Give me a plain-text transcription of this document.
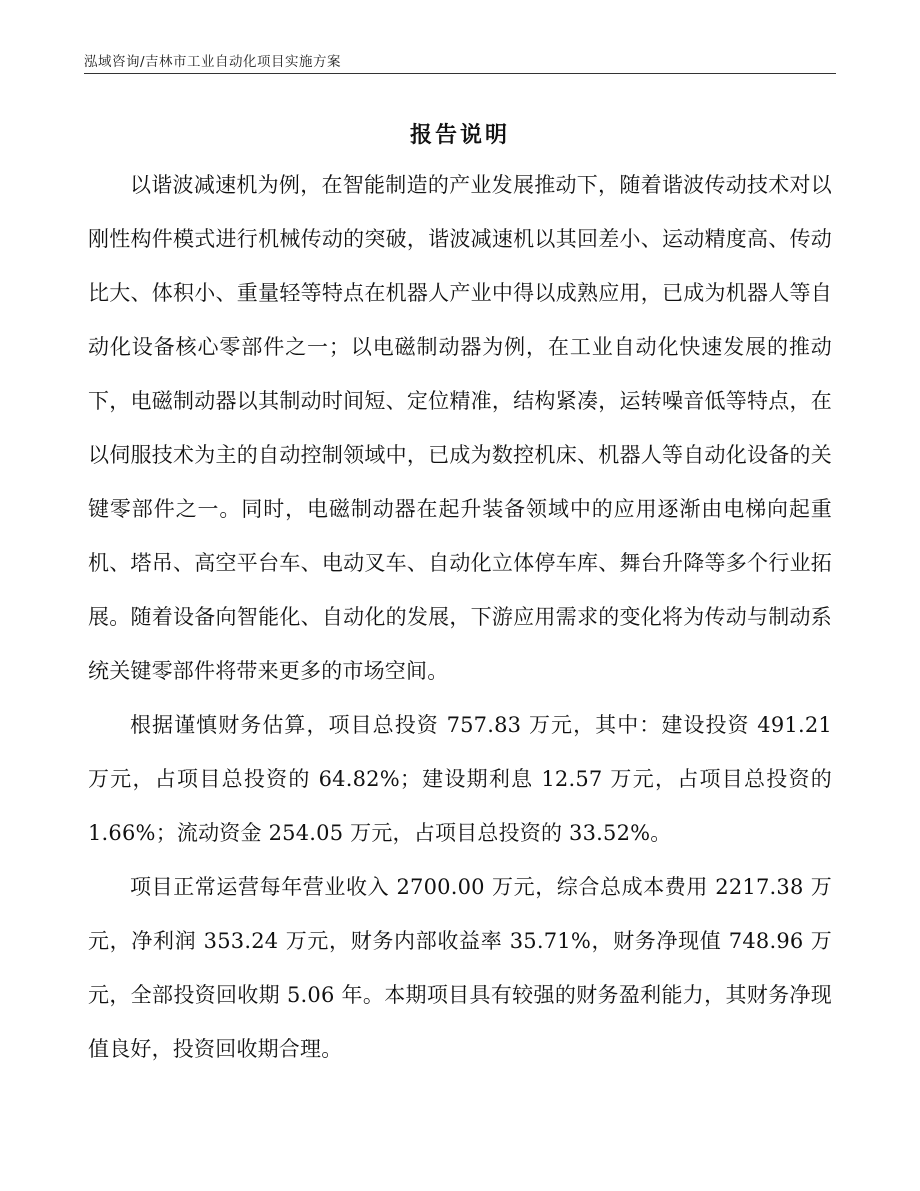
泓域咨询/吉林市工业自动化项目实施方案
报告说明

以谐波减速机为例，在智能制造的产业发展推动下，随着谐波传动技术对以刚性构件模式进行机械传动的突破，谐波减速机以其回差小、运动精度高、传动比大、体积小、重量轻等特点在机器人产业中得以成熟应用，已成为机器人等自动化设备核心零部件之一；以电磁制动器为例，在工业自动化快速发展的推动下，电磁制动器以其制动时间短、定位精准，结构紧凑，运转噪音低等特点，在以伺服技术为主的自动控制领域中，已成为数控机床、机器人等自动化设备的关键零部件之一。同时，电磁制动器在起升装备领域中的应用逐渐由电梯向起重机、塔吊、高空平台车、电动叉车、自动化立体停车库、舞台升降等多个行业拓展。随着设备向智能化、自动化的发展，下游应用需求的变化将为传动与制动系统关键零部件将带来更多的市场空间。

根据谨慎财务估算，项目总投资 757.83 万元，其中：建设投资 491.21 万元，占项目总投资的 64.82%；建设期利息 12.57 万元，占项目总投资的 1.66%；流动资金 254.05 万元，占项目总投资的 33.52%。

项目正常运营每年营业收入 2700.00 万元，综合总成本费用 2217.38 万元，净利润 353.24 万元，财务内部收益率 35.71%，财务净现值 748.96 万元，全部投资回收期 5.06 年。本期项目具有较强的财务盈利能力，其财务净现值良好，投资回收期合理。
